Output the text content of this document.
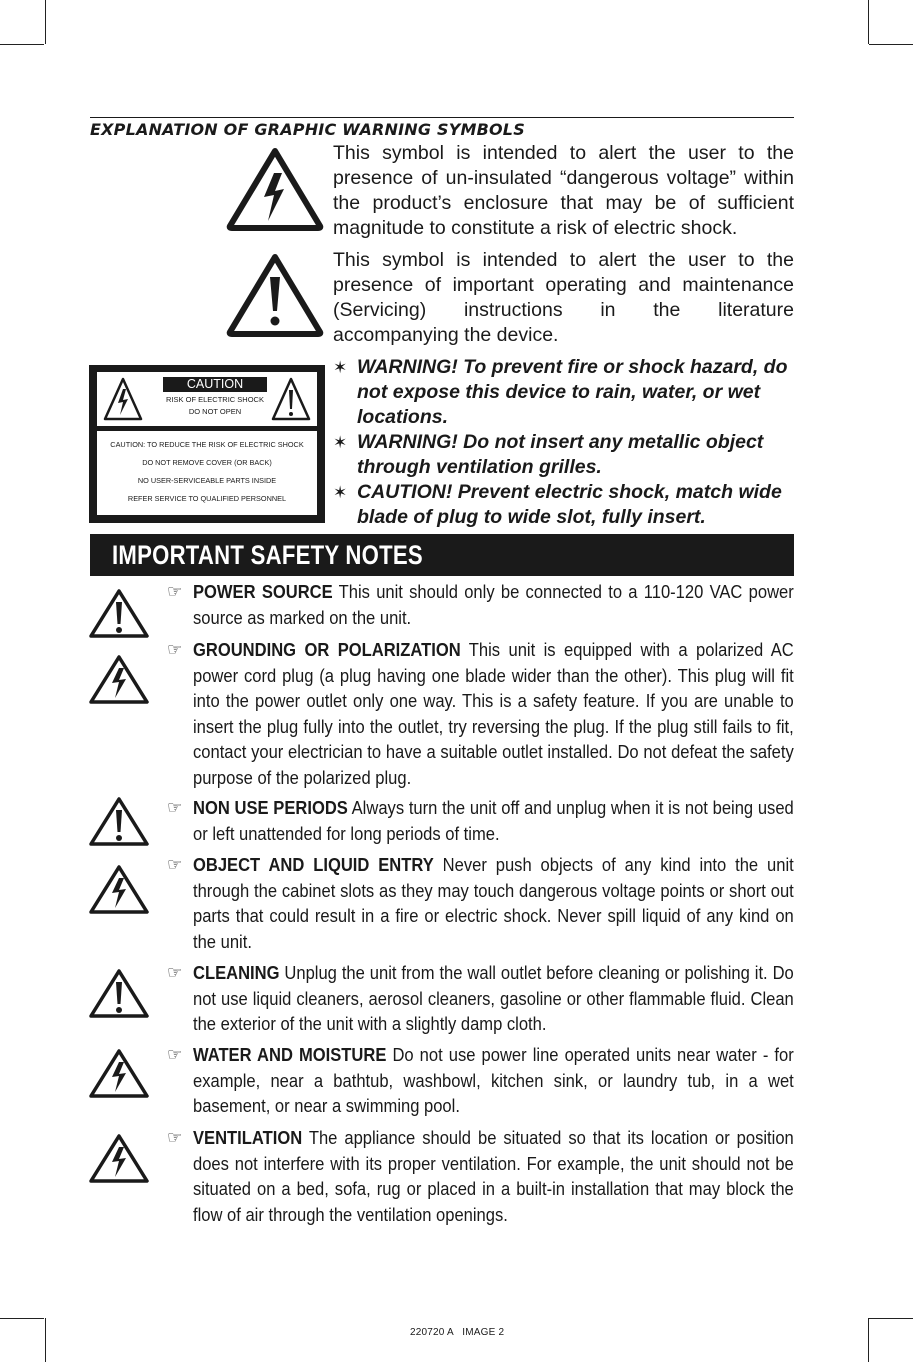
EXPLANATION OF GRAPHIC WARNING SYMBOLS
This symbol is intended to alert the user to the presence of un-insulated “dangerous voltage” within the product’s enclosure that may be of sufficient magnitude to constitute a risk of electric shock.
This symbol is intended to alert the user to the presence of important operating and maintenance (Servicing) instructions in the literature accompanying the device.
CAUTION
RISK OF ELECTRIC SHOCK
DO NOT OPEN
CAUTION: TO REDUCE THE RISK OF ELECTRIC SHOCK
DO NOT REMOVE COVER (OR BACK)
NO USER-SERVICEABLE PARTS INSIDE
REFER SERVICE TO QUALIFIED PERSONNEL
✶ WARNING! To prevent fire or shock hazard, do not expose this device to rain, water, or wet locations.
✶ WARNING! Do not insert any metallic object through ventilation grilles.
✶ CAUTION! Prevent electric shock, match wide blade of plug to wide slot, fully insert.
IMPORTANT SAFETY NOTES
☞ POWER SOURCE This unit should only be connected to a 110-120 VAC power source as marked on the unit.
☞ GROUNDING OR POLARIZATION This unit is equipped with a polarized AC power cord plug (a plug having one blade wider than the other). This plug will fit into the power outlet only one way. This is a safety feature. If you are unable to insert the plug fully into the outlet, try reversing the plug. If the plug still fails to fit, contact your electrician to have a suitable outlet installed. Do not defeat the safety purpose of the polarized plug.
☞ NON USE PERIODS Always turn the unit off and unplug when it is not being used or left unattended for long periods of time.
☞ OBJECT AND LIQUID ENTRY Never push objects of any kind into the unit through the cabinet slots as they may touch dangerous voltage points or short out parts that could result in a fire or electric shock. Never spill liquid of any kind on the unit.
☞ CLEANING Unplug the unit from the wall outlet before cleaning or polishing it. Do not use liquid cleaners, aerosol cleaners, gasoline or other flammable fluid. Clean the exterior of the unit with a slightly damp cloth.
☞ WATER AND MOISTURE Do not use power line operated units near water - for example, near a bathtub, washbowl, kitchen sink, or laundry tub, in a wet basement, or near a swimming pool.
☞ VENTILATION The appliance should be situated so that its location or position does not interfere with its proper ventilation. For example, the unit should not be situated on a bed, sofa, rug or placed in a built-in installation that may block the flow of air through the ventilation openings.
220720 A   IMAGE 2
